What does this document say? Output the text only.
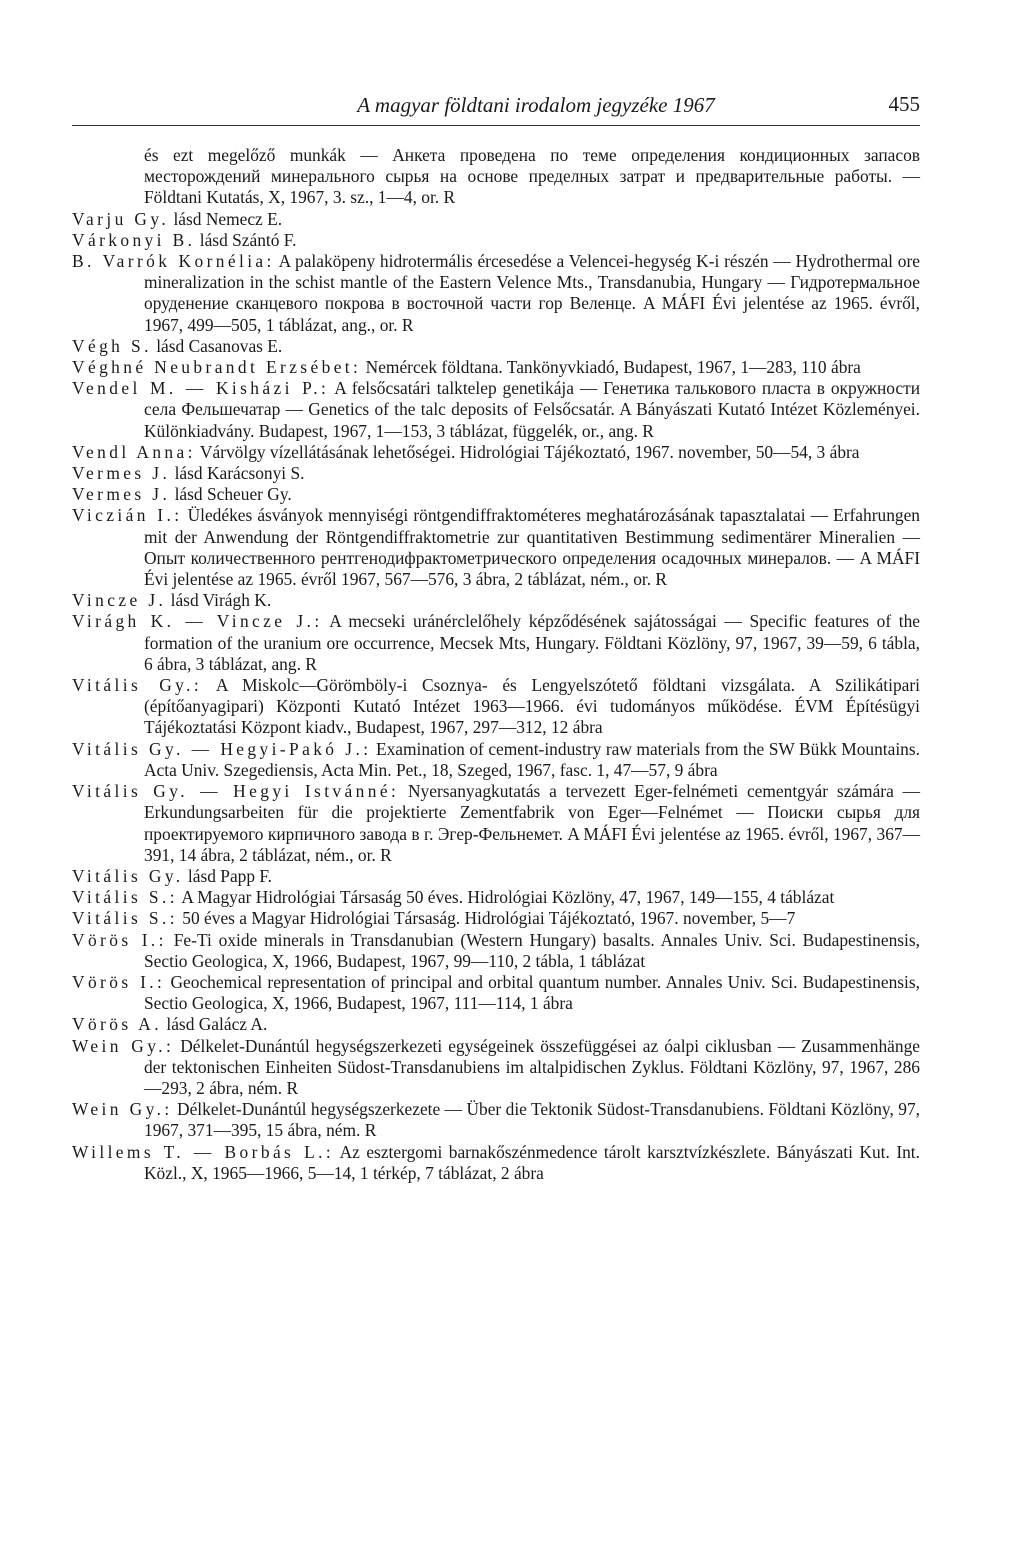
A magyar földtani irodalom jegyzéke 1967	455

és ezt megelőző munkák — Анкета проведена по теме определения кондиционных запасов месторождений минерального сырья на основе пределных затрат и предварительные работы. — Földtani Kutatás, X, 1967, 3. sz., 1—4, or. R

Varju Gy. lásd Nemecz E.

Várkonyi B. lásd Szántó F.

B. Varrók Kornélia: A palaköpeny hidrotermális ércesedése a Velencei-hegység K-i részén — Hydrothermal ore mineralization in the schist mantle of the Eastern Velence Mts., Transdanubia, Hungary — Гидротермальное оруденение сканцевого покрова в восточной части гор Веленце. A MÁFI Évi jelentése az 1965. évről, 1967, 499—505, 1 táblázat, ang., or. R

Végh S. lásd Casanovas E.

Véghné Neubrandt Erzsébet: Nemércek földtana. Tankönyvkiadó, Budapest, 1967, 1—283, 110 ábra

Vendel M. — Kisházi P.: A felsőcsatári talktelep genetikája — Генетика талькового пласта в окружности села Фельшечатар — Genetics of the talc deposits of Felsőcsatár. A Bányászati Kutató Intézet Közleményei. Különkiadvány. Budapest, 1967, 1—153, 3 táblázat, függelék, or., ang. R

Vendl Anna: Várvölgy vízellátásának lehetőségei. Hidrológiai Tájékoztató, 1967. november, 50—54, 3 ábra

Vermes J. lásd Karácsonyi S.

Vermes J. lásd Scheuer Gy.

Viczián I.: Üledékes ásványok mennyiségi röntgendiffraktométeres meghatározásának tapasztalatai — Erfahrungen mit der Anwendung der Röntgendiffraktometrie zur quantitativen Bestimmung sedimentärer Mineralien — Опыт количественного рентгенодифрактометрического определения осадочных минералов. — A MÁFI Évi jelentése az 1965. évről 1967, 567—576, 3 ábra, 2 táblázat, ném., or. R

Vincze J. lásd Virágh K.

Virágh K. — Vincze J.: A mecseki uránérclelőhely képződésének sajátosságai — Specific features of the formation of the uranium ore occurrence, Mecsek Mts, Hungary. Földtani Közlöny, 97, 1967, 39—59, 6 tábla, 6 ábra, 3 táblázat, ang. R

Vitális Gy.: A Miskolc—Görömböly-i Csoznya- és Lengyelszótető földtani vizsgálata. A Szilikátipari (építőanyagipari) Központi Kutató Intézet 1963—1966. évi tudományos működése. ÉVM Építésügyi Tájékoztatási Központ kiadv., Budapest, 1967, 297—312, 12 ábra

Vitális Gy. — Hegyi-Pakó J.: Examination of cement-industry raw materials from the SW Bükk Mountains. Acta Univ. Szegediensis, Acta Min. Pet., 18, Szeged, 1967, fasc. 1, 47—57, 9 ábra

Vitális Gy. — Hegyi Istvánné: Nyersanyagkutatás a tervezett Eger-felnémeti cementgyár számára — Erkundungsarbeiten für die projektierte Zementfabrik von Eger—Felnémet — Поиски сырья для проектируемого кирпичного завода в г. Эгер-Фельнемет. A MÁFI Évi jelentése az 1965. évről, 1967, 367—391, 14 ábra, 2 táblázat, ném., or. R

Vitális Gy. lásd Papp F.

Vitális S.: A Magyar Hidrológiai Társaság 50 éves. Hidrológiai Közlöny, 47, 1967, 149—155, 4 táblázat

Vitális S.: 50 éves a Magyar Hidrológiai Társaság. Hidrológiai Tájékoztató, 1967. november, 5—7

Vörös I.: Fe-Ti oxide minerals in Transdanubian (Western Hungary) basalts. Annales Univ. Sci. Budapestinensis, Sectio Geologica, X, 1966, Budapest, 1967, 99—110, 2 tábla, 1 táblázat

Vörös I.: Geochemical representation of principal and orbital quantum number. Annales Univ. Sci. Budapestinensis, Sectio Geologica, X, 1966, Budapest, 1967, 111—114, 1 ábra

Vörös A. lásd Galácz A.

Wein Gy.: Délkelet-Dunántúl hegységszerkezeti egységeinek összefüggései az óalpi ciklusban — Zusammenhänge der tektonischen Einheiten Südost-Transdanubiens im altalpidischen Zyklus. Földtani Közlöny, 97, 1967, 286—293, 2 ábra, ném. R

Wein Gy.: Délkelet-Dunántúl hegységszerkezete — Über die Tektonik Südost-Transdanubiens. Földtani Közlöny, 97, 1967, 371—395, 15 ábra, ném. R

Willems T. — Borbás L.: Az esztergomi barnakőszénmedence tárolt karsztvízkészlete. Bányászati Kut. Int. Közl., X, 1965—1966, 5—14, 1 térkép, 7 táblázat, 2 ábra
